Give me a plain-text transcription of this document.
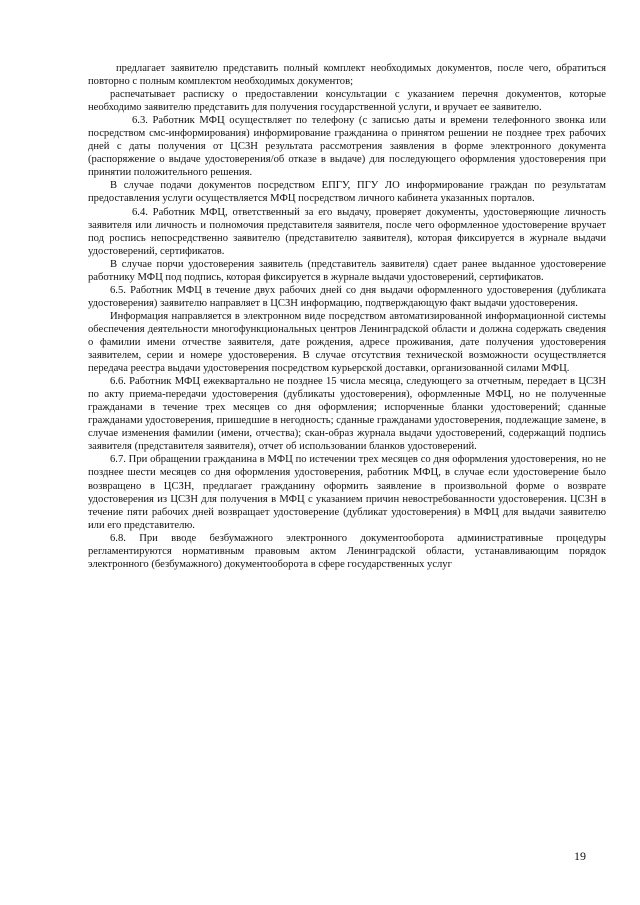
предлагает заявителю представить полный комплект необходимых документов, после чего, обратиться повторно с полным комплектом необходимых документов;

распечатывает расписку о предоставлении консультации с указанием перечня документов, которые необходимо заявителю представить для получения государственной услуги, и вручает ее заявителю.

6.3. Работник МФЦ осуществляет по телефону (с записью даты и времени телефонного звонка или посредством смс-информирования) информирование гражданина о принятом решении не позднее трех рабочих дней с даты получения от ЦСЗН результата рассмотрения заявления в форме электронного документа (распоряжение о выдаче удостоверения/об отказе в выдаче) для последующего оформления удостоверения при принятии положительного решения.

В случае подачи документов посредством ЕПГУ, ПГУ ЛО информирование граждан по результатам предоставления услуги осуществляется МФЦ посредством личного кабинета указанных порталов.

6.4. Работник МФЦ, ответственный за его выдачу, проверяет документы, удостоверяющие личность заявителя или личность и полномочия представителя заявителя, после чего оформленное удостоверение вручает под роспись непосредственно заявителю (представителю заявителя), которая фиксируется в журнале выдачи удостоверений, сертификатов.

В случае порчи удостоверения заявитель (представитель заявителя) сдает ранее выданное удостоверение работнику МФЦ под подпись, которая фиксируется в журнале выдачи удостоверений, сертификатов.

6.5. Работник МФЦ в течение двух рабочих дней со дня выдачи оформленного удостоверения (дубликата удостоверения) заявителю направляет в ЦСЗН информацию, подтверждающую факт выдачи удостоверения.

Информация направляется в электронном виде посредством автоматизированной информационной системы обеспечения деятельности многофункциональных центров Ленинградской области и должна содержать сведения о фамилии имени отчестве заявителя, дате рождения, адресе проживания, дате получения удостоверения заявителем, серии и номере удостоверения. В случае отсутствия технической возможности осуществляется передача реестра выдачи удостоверения посредством курьерской доставки, организованной силами МФЦ.

6.6. Работник МФЦ ежеквартально не позднее 15 числа месяца, следующего за отчетным, передает в ЦСЗН по акту приема-передачи удостоверения (дубликаты удостоверения), оформленные МФЦ, но не полученные гражданами в течение трех месяцев со дня оформления; испорченные бланки удостоверений; сданные гражданами удостоверения, пришедшие в негодность; сданные гражданами удостоверения, подлежащие замене, в случае изменения фамилии (имени, отчества); скан-образ журнала выдачи удостоверений, содержащий подпись заявителя (представителя заявителя), отчет об использовании бланков удостоверений.

6.7. При обращении гражданина в МФЦ по истечении трех месяцев со дня оформления удостоверения, но не позднее шести месяцев со дня оформления удостоверения, работник МФЦ, в случае если удостоверение было возвращено в ЦСЗН, предлагает гражданину оформить заявление в произвольной форме о возврате удостоверения из ЦСЗН для получения в МФЦ с указанием причин невостребованности удостоверения. ЦСЗН в течение пяти рабочих дней возвращает удостоверение (дубликат удостоверения) в МФЦ для выдачи заявителю или его представителю.

6.8. При вводе безбумажного электронного документооборота административные процедуры регламентируются нормативным правовым актом Ленинградской области, устанавливающим порядок электронного (безбумажного) документооборота в сфере государственных услуг

19
